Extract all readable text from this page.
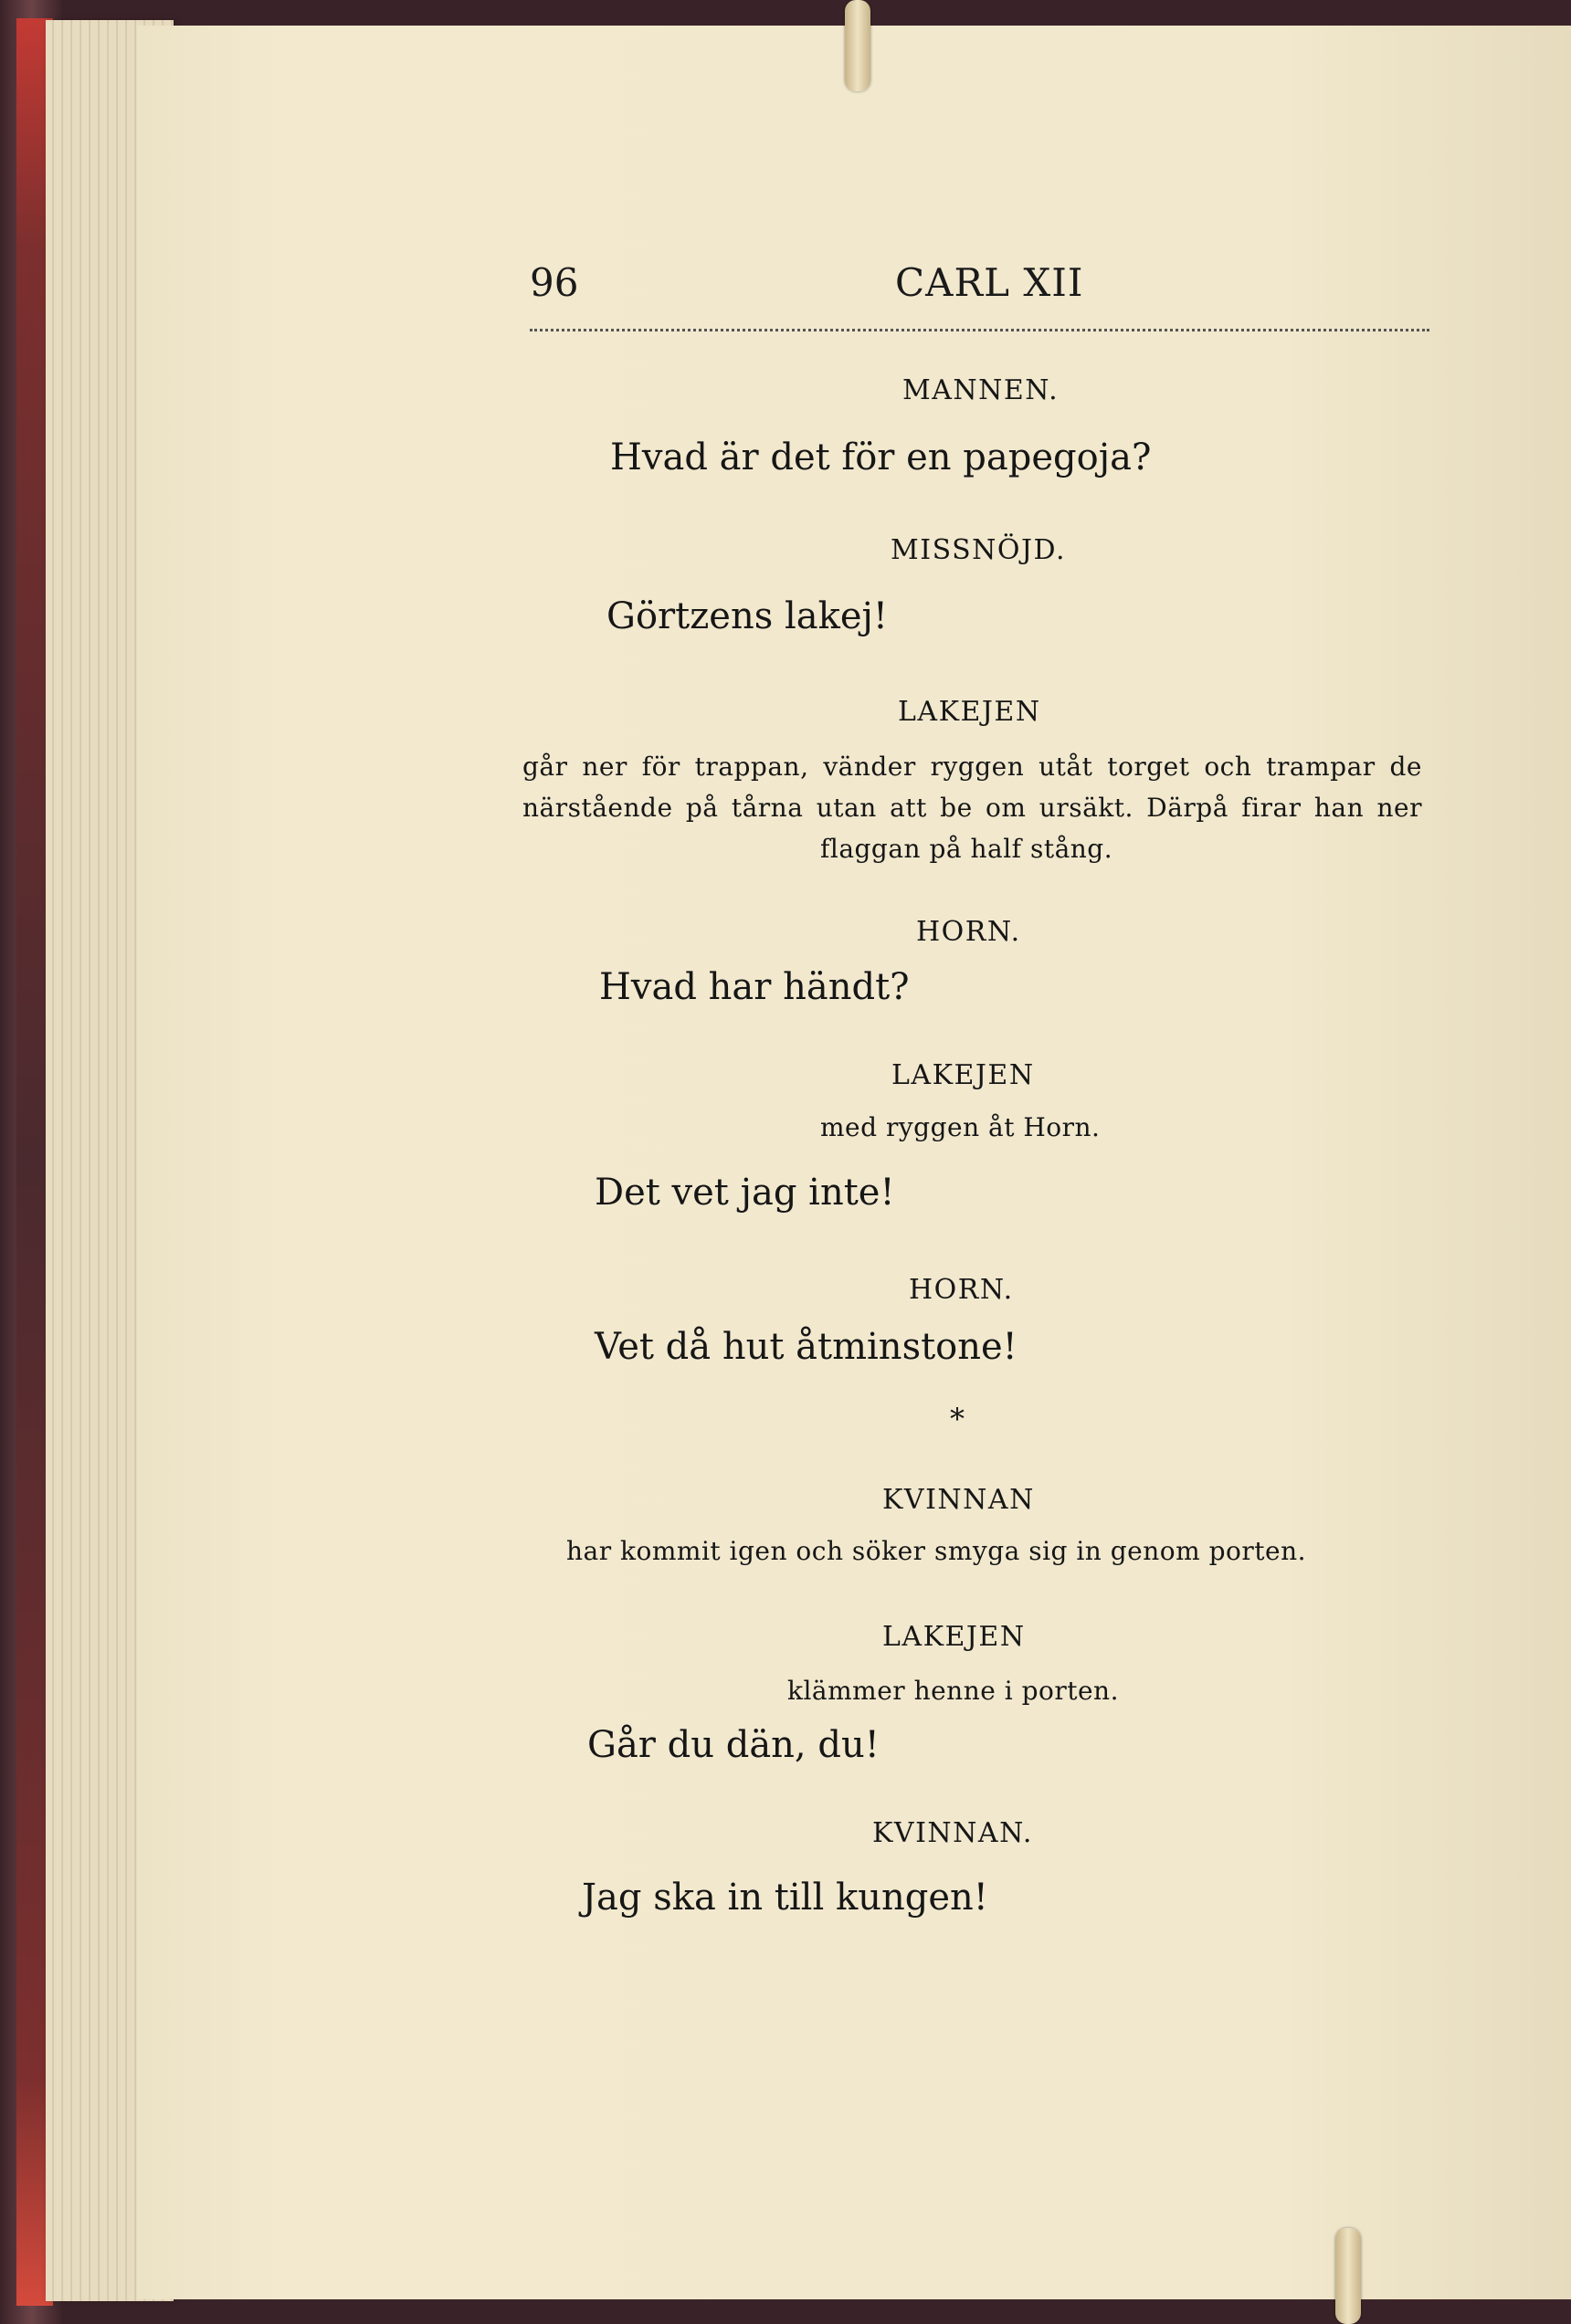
96	CARL XII
MANNEN.
Hvad är det för en papegoja?
MISSNÖJD.
Görtzens lakej!
LAKEJEN
går ner för trappan, vänder ryggen utåt torget och trampar de
närstående på tårna utan att be om ursäkt. Därpå firar han ner
flaggan på half stång.
HORN.
Hvad har händt?
LAKEJEN
med ryggen åt Horn.
Det vet jag inte!
HORN.
Vet då hut åtminstone!
*
KVINNAN
har kommit igen och söker smyga sig in genom porten.
LAKEJEN
klämmer henne i porten.
Går du dän, du!
KVINNAN.
Jag ska in till kungen!
